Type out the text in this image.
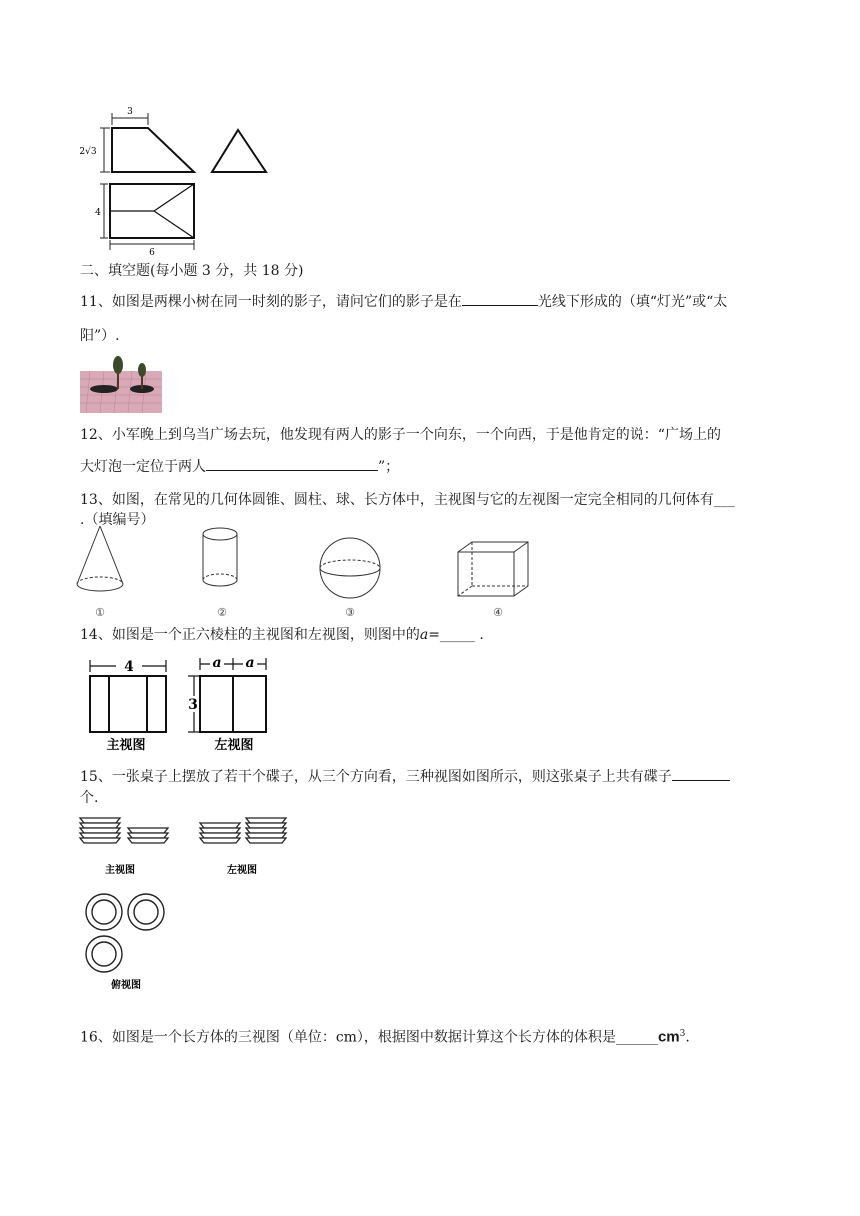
3
2√3
4
6
二、填空题(每小题 3 分，共 18 分)
11、如图是两棵小树在同一时刻的影子，请问它们的影子是在	光线下形成的（填“灯光”或“太
阳”）.
12、小军晚上到乌当广场去玩，他发现有两人的影子一个向东，一个向西，于是他肯定的说：“广场上的
大灯泡一定位于两人	”；
13、如图，在常见的几何体圆锥、圆柱、球、长方体中，主视图与它的左视图一定完全相同的几何体有___
.（填编号）
①	②	③	④
14、如图是一个正六棱柱的主视图和左视图，则图中的a=_____ .
4
主视图
a a
3
左视图
15、一张桌子上摆放了若干个碟子，从三个方向看，三种视图如图所示，则这张桌子上共有碟子
个.
主视图	左视图
俯视图
16、如图是一个长方体的三视图（单位：cm），根据图中数据计算这个长方体的体积是$\_\_\_\_\_\_cm^3$.
